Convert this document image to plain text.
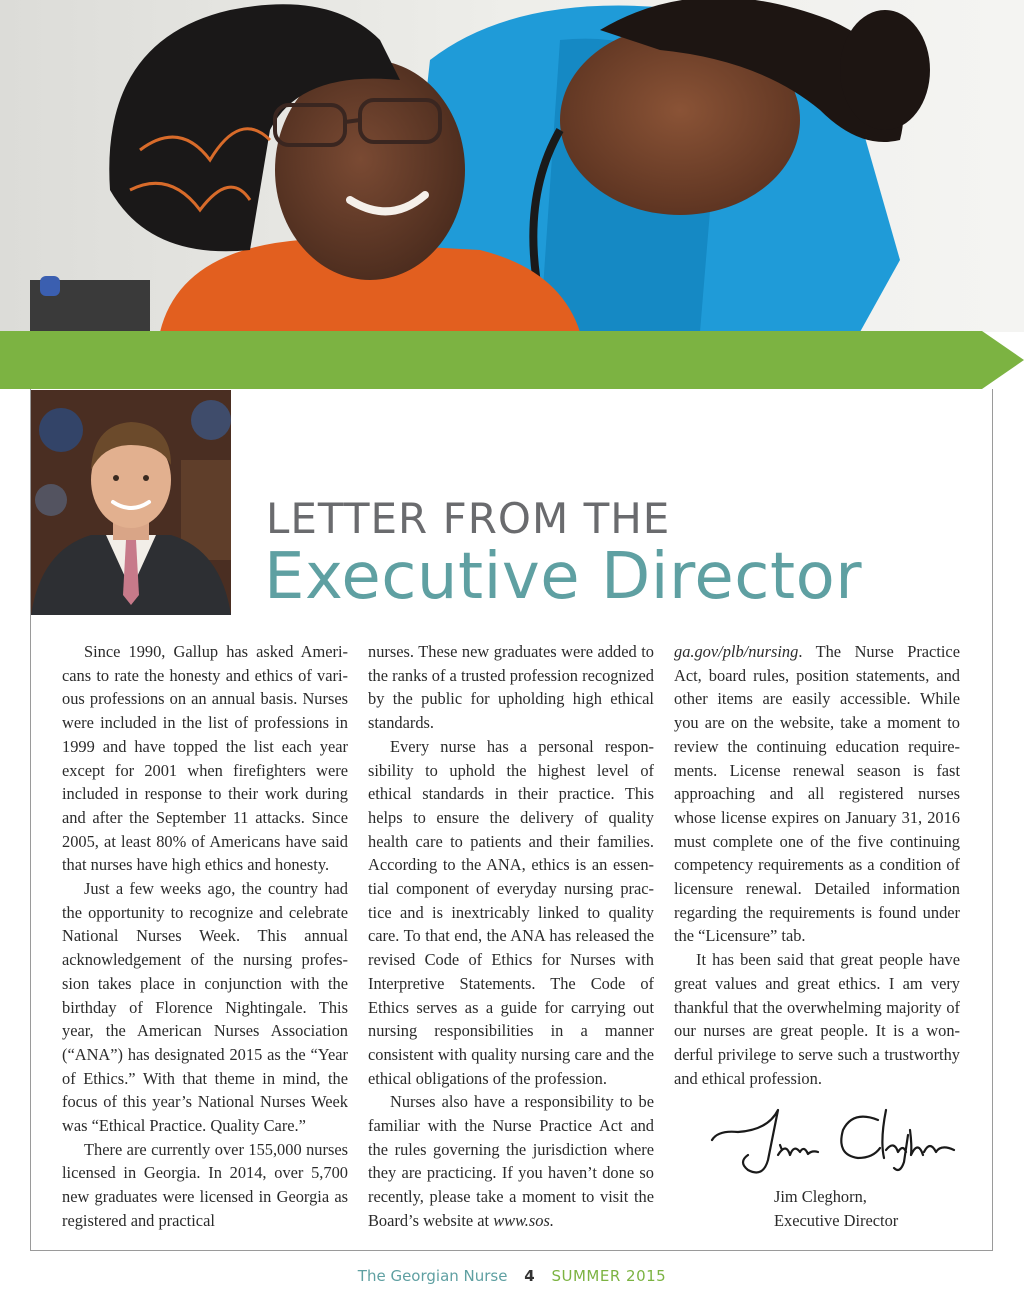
LETTER FROM THE
Executive Director

Since 1990, Gallup has asked Americans to rate the honesty and ethics of various professions on an annual basis. Nurses were included in the list of professions in 1999 and have topped the list each year except for 2001 when firefighters were included in response to their work during and after the September 11 attacks. Since 2005, at least 80% of Americans have said that nurses have high ethics and honesty.

Just a few weeks ago, the country had the opportunity to recognize and celebrate National Nurses Week. This annual acknowledgement of the nursing profession takes place in conjunction with the birthday of Florence Nightingale. This year, the American Nurses Association (“ANA”) has designated 2015 as the “Year of Ethics.” With that theme in mind, the focus of this year’s National Nurses Week was “Ethical Practice. Quality Care.”

There are currently over 155,000 nurses licensed in Georgia. In 2014, over 5,700 new graduates were licensed in Georgia as registered and practical

nurses. These new graduates were added to the ranks of a trusted profession recognized by the public for upholding high ethical standards.

Every nurse has a personal responsibility to uphold the highest level of ethical standards in their practice. This helps to ensure the delivery of quality health care to patients and their families. According to the ANA, ethics is an essential component of everyday nursing practice and is inextricably linked to quality care. To that end, the ANA has released the revised Code of Ethics for Nurses with Interpretive Statements. The Code of Ethics serves as a guide for carrying out nursing responsibilities in a manner consistent with quality nursing care and the ethical obligations of the profession.

Nurses also have a responsibility to be familiar with the Nurse Practice Act and the rules governing the jurisdiction where they are practicing. If you haven’t done so recently, please take a moment to visit the Board’s website at www.sos.

ga.gov/plb/nursing. The Nurse Practice Act, board rules, position statements, and other items are easily accessible. While you are on the website, take a moment to review the continuing education requirements. License renewal season is fast approaching and all registered nurses whose license expires on January 31, 2016 must complete one of the five continuing competency requirements as a condition of licensure renewal. Detailed information regarding the requirements is found under the “Licensure” tab.

It has been said that great people have great values and great ethics. I am very thankful that the overwhelming majority of our nurses are great people. It is a wonderful privilege to serve such a trustworthy and ethical profession.

Jim Cleghorn,
Executive Director
The Georgian Nurse 4 SUMMER 2015
